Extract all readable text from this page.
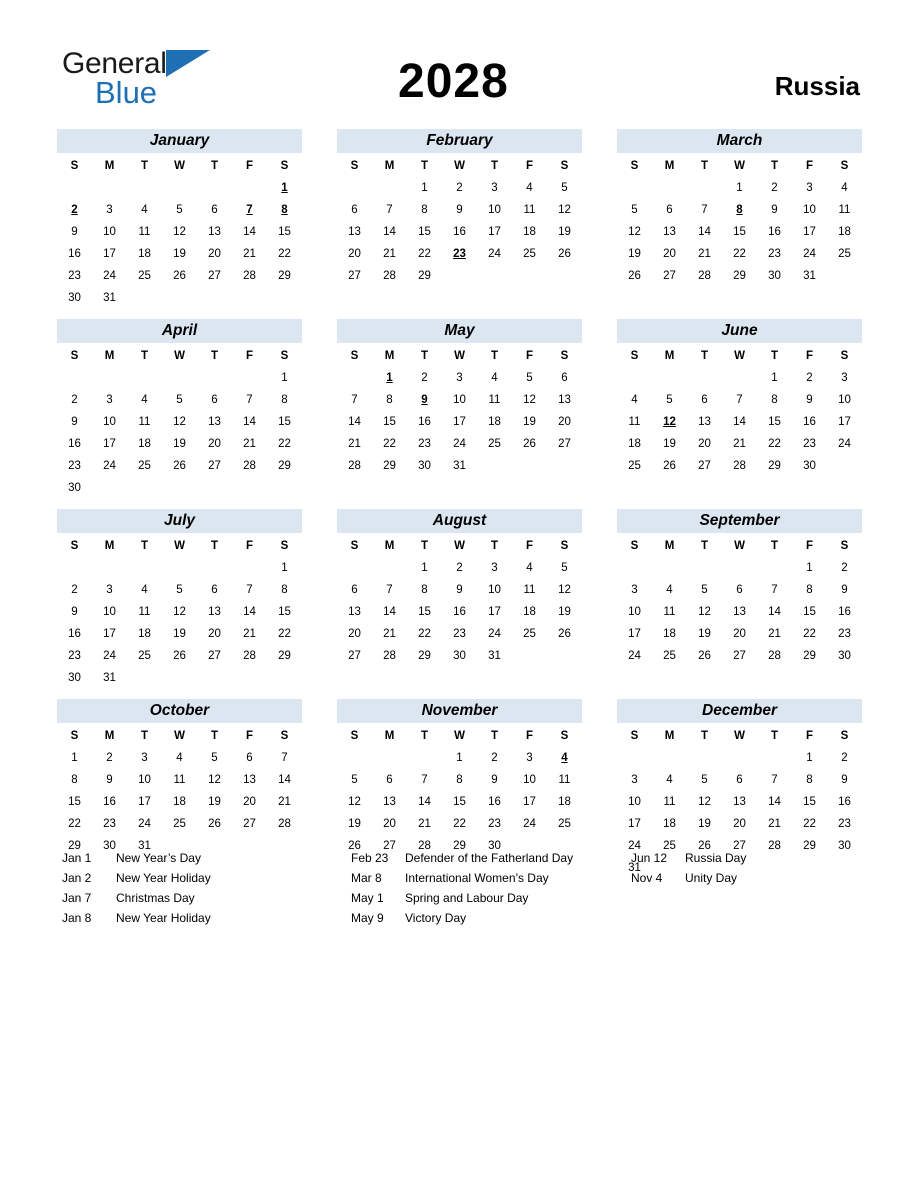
General
Blue	2028	Russia
January
S	M	T	W	T	F	S
						1
2	3	4	5	6	7	8
9	10	11	12	13	14	15
16	17	18	19	20	21	22
23	24	25	26	27	28	29
30	31					
February
S	M	T	W	T	F	S
		1	2	3	4	5
6	7	8	9	10	11	12
13	14	15	16	17	18	19
20	21	22	23	24	25	26
27	28	29				

March
S	M	T	W	T	F	S
			1	2	3	4
5	6	7	8	9	10	11
12	13	14	15	16	17	18
19	20	21	22	23	24	25
26	27	28	29	30	31	

April
S	M	T	W	T	F	S
						1
2	3	4	5	6	7	8
9	10	11	12	13	14	15
16	17	18	19	20	21	22
23	24	25	26	27	28	29
30						
May
S	M	T	W	T	F	S
	1	2	3	4	5	6
7	8	9	10	11	12	13
14	15	16	17	18	19	20
21	22	23	24	25	26	27
28	29	30	31			

June
S	M	T	W	T	F	S
				1	2	3
4	5	6	7	8	9	10
11	12	13	14	15	16	17
18	19	20	21	22	23	24
25	26	27	28	29	30	

July
S	M	T	W	T	F	S
						1
2	3	4	5	6	7	8
9	10	11	12	13	14	15
16	17	18	19	20	21	22
23	24	25	26	27	28	29
30	31					
August
S	M	T	W	T	F	S
		1	2	3	4	5
6	7	8	9	10	11	12
13	14	15	16	17	18	19
20	21	22	23	24	25	26
27	28	29	30	31		

September
S	M	T	W	T	F	S
					1	2
3	4	5	6	7	8	9
10	11	12	13	14	15	16
17	18	19	20	21	22	23
24	25	26	27	28	29	30

October
S	M	T	W	T	F	S
1	2	3	4	5	6	7
8	9	10	11	12	13	14
15	16	17	18	19	20	21
22	23	24	25	26	27	28
29	30	31				

November
S	M	T	W	T	F	S
			1	2	3	4
5	6	7	8	9	10	11
12	13	14	15	16	17	18
19	20	21	22	23	24	25
26	27	28	29	30		

December
S	M	T	W	T	F	S
					1	2
3	4	5	6	7	8	9
10	11	12	13	14	15	16
17	18	19	20	21	22	23
24	25	26	27	28	29	30
31						
Jan 1	New Year’s Day
Jan 2	New Year Holiday
Jan 7	Christmas Day
Jan 8	New Year Holiday
Feb 23	Defender of the Fatherland Day
Mar 8	International Women’s Day
May 1	Spring and Labour Day
May 9	Victory Day
Jun 12	Russia Day
Nov 4	Unity Day
